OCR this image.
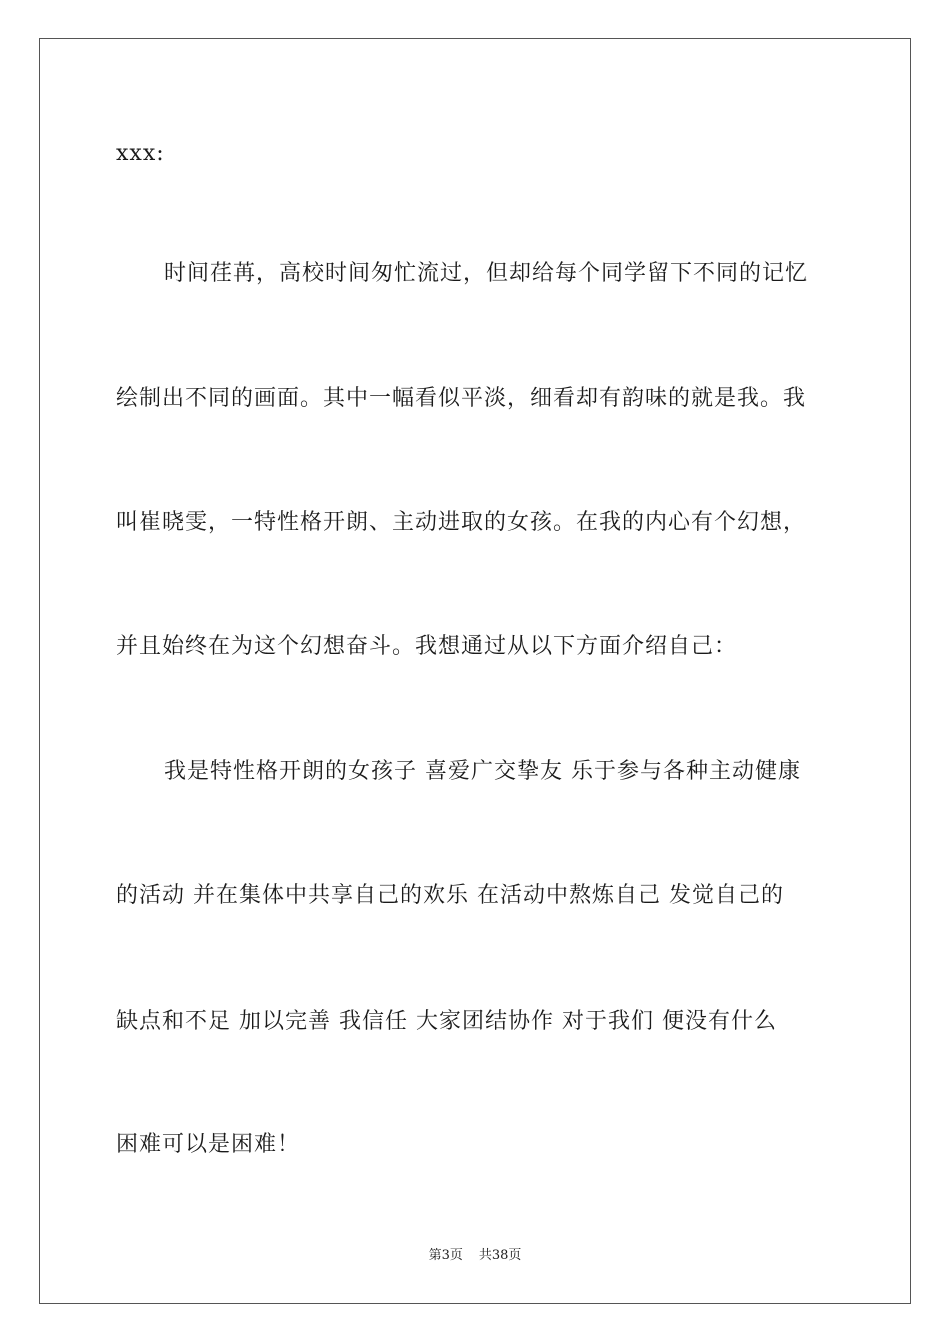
xxx:
时间荏苒，高校时间匆忙流过，但却给每个同学留下不同的记忆
绘制出不同的画面。其中一幅看似平淡，细看却有韵味的就是我。我
叫崔晓雯，一特性格开朗、主动进取的女孩。在我的内心有个幻想，
并且始终在为这个幻想奋斗。我想通过从以下方面介绍自己：
我是特性格开朗的女孩子 喜爱广交挚友 乐于参与各种主动健康
的活动 并在集体中共享自己的欢乐 在活动中熬炼自己 发觉自己的
缺点和不足 加以完善 我信任 大家团结协作 对于我们 便没有什么
困难可以是困难！
第3页 共38页
